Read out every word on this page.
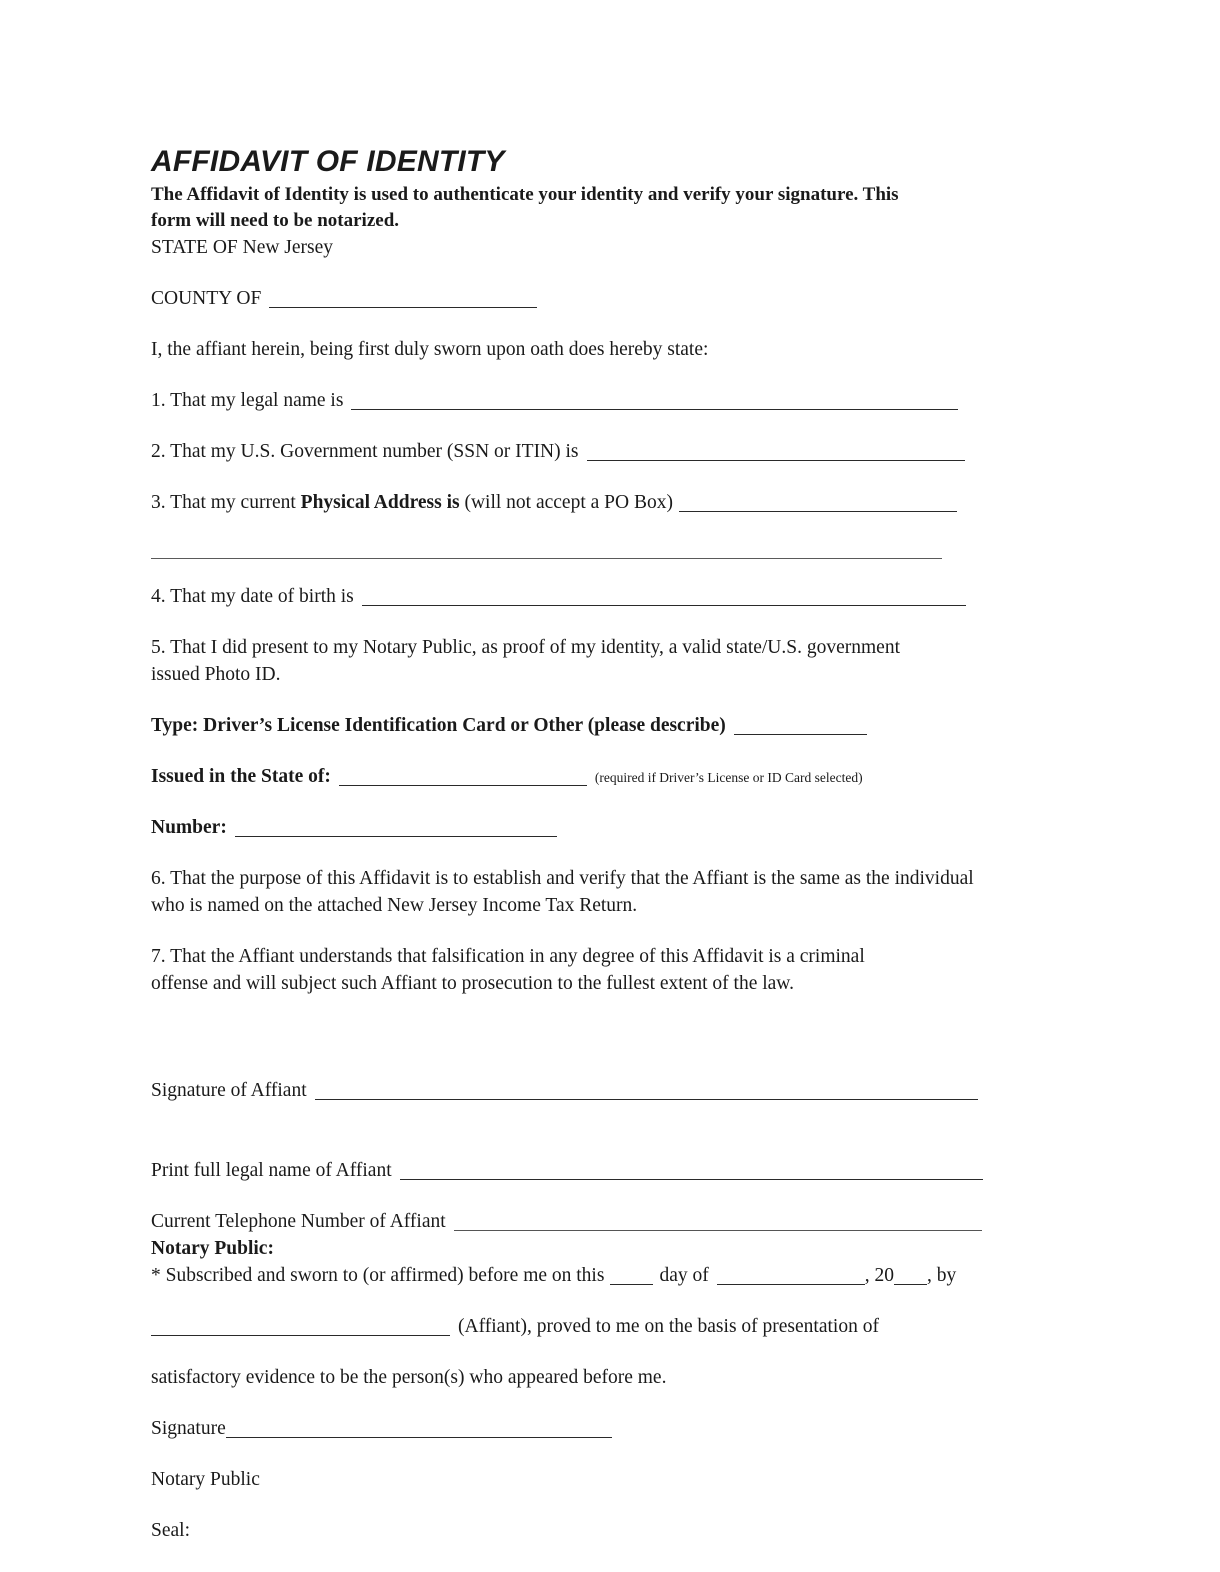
AFFIDAVIT OF IDENTITY
The Affidavit of Identity is used to authenticate your identity and verify your signature. This form will need to be notarized.
STATE OF New Jersey
COUNTY OF
I, the affiant herein, being first duly sworn upon oath does hereby state:
1. That my legal name is
2. That my U.S. Government number (SSN or ITIN) is
3. That my current Physical Address is (will not accept a PO Box)
4. That my date of birth is
5. That I did present to my Notary Public, as proof of my identity, a valid state/U.S. government issued Photo ID.
Type: Driver’s License Identification Card or Other (please describe)
Issued in the State of:	(required if Driver’s License or ID Card selected)
Number:
6. That the purpose of this Affidavit is to establish and verify that the Affiant is the same as the individual who is named on the attached New Jersey Income Tax Return.
7. That the Affiant understands that falsification in any degree of this Affidavit is a criminal offense and will subject such Affiant to prosecution to the fullest extent of the law.
Signature of Affiant
Print full legal name of Affiant
Current Telephone Number of Affiant
Notary Public:
* Subscribed and sworn to (or affirmed) before me on this	day of	, 20 , by
(Affiant), proved to me on the basis of presentation of
satisfactory evidence to be the person(s) who appeared before me.
Signature
Notary Public
Seal:
